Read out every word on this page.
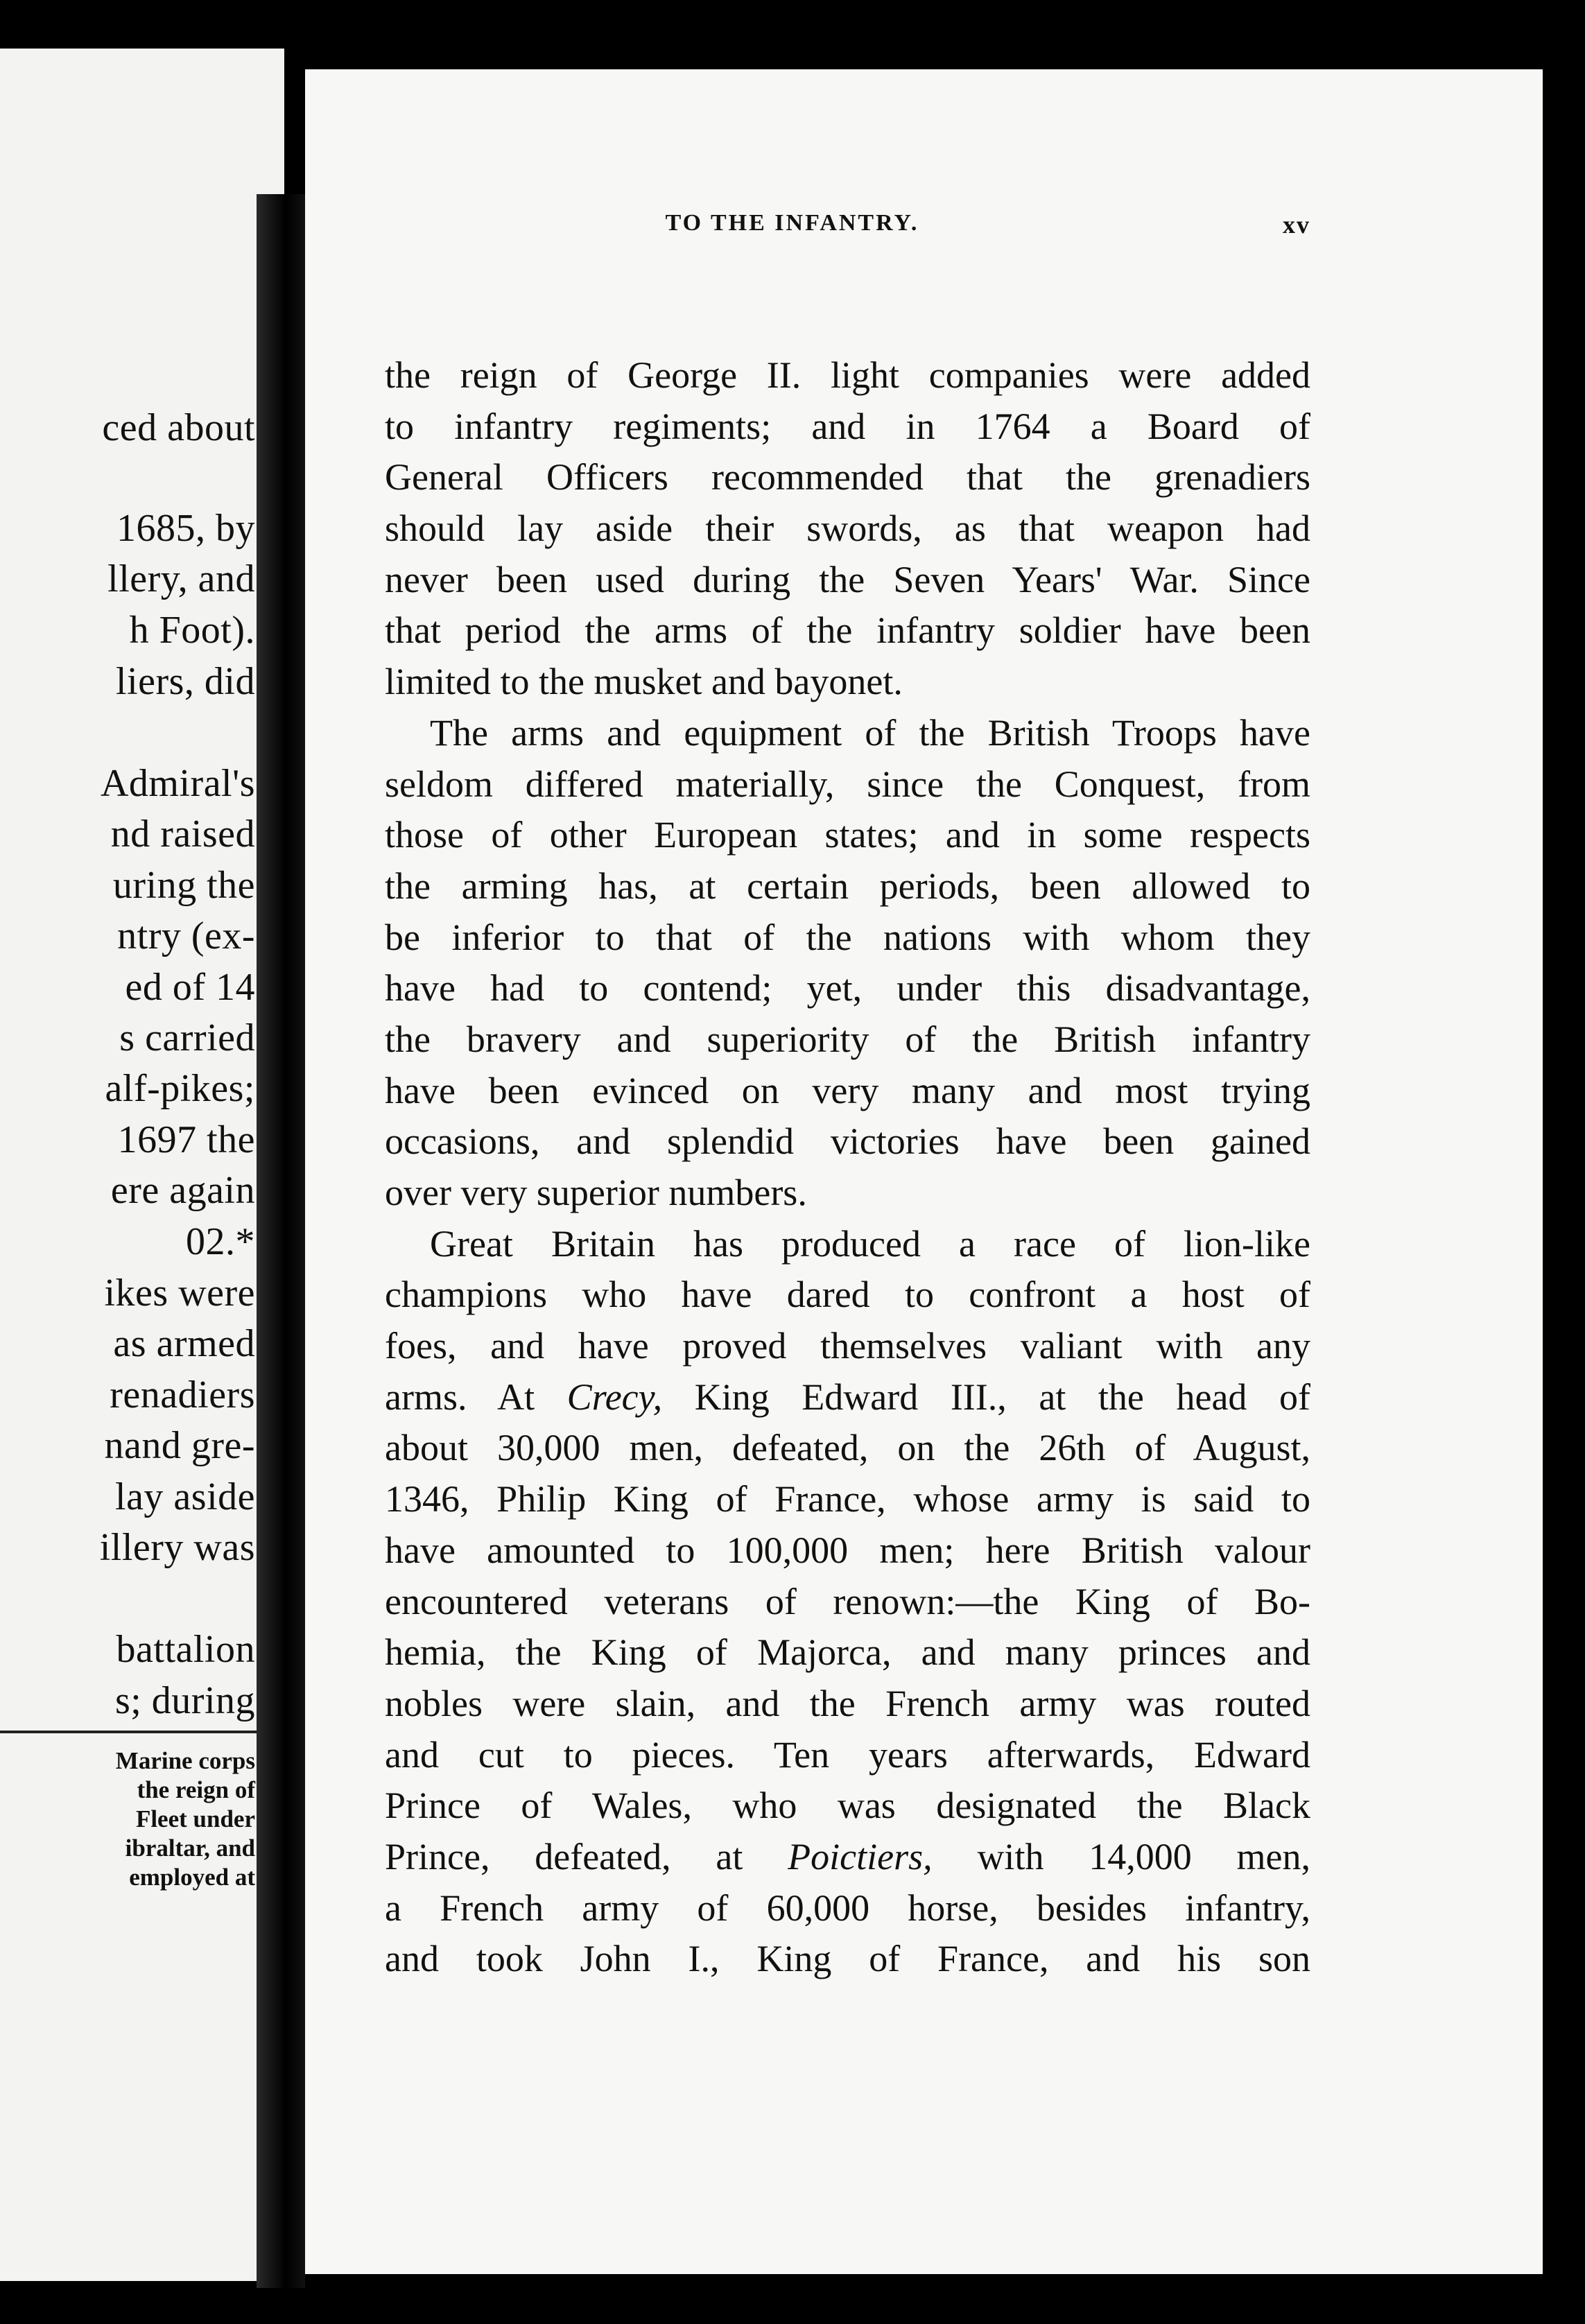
ced about
1685, by
llery, and
h Foot).
liers, did
Admiral's
nd raised
uring the
ntry (ex-
ed of 14
s carried
alf-pikes;
1697 the
ere again
02.*
ikes were
as armed
renadiers
nand gre-
lay aside
illery was
battalion
s; during
Marine corps
the reign of
Fleet under
ibraltar, and
employed at
TO THE INFANTRY.	xv
the reign of George II. light companies were added
to infantry regiments; and in 1764 a Board of
General Officers recommended that the grenadiers
should lay aside their swords, as that weapon had
never been used during the Seven Years' War. Since
that period the arms of the infantry soldier have been
limited to the musket and bayonet.
The arms and equipment of the British Troops have
seldom differed materially, since the Conquest, from
those of other European states; and in some respects
the arming has, at certain periods, been allowed to
be inferior to that of the nations with whom they
have had to contend; yet, under this disadvantage,
the bravery and superiority of the British infantry
have been evinced on very many and most trying
occasions, and splendid victories have been gained
over very superior numbers.
Great Britain has produced a race of lion-like
champions who have dared to confront a host of
foes, and have proved themselves valiant with any
arms. At Crecy, King Edward III., at the head of
about 30,000 men, defeated, on the 26th of August,
1346, Philip King of France, whose army is said to
have amounted to 100,000 men; here British valour
encountered veterans of renown:—the King of Bo-
hemia, the King of Majorca, and many princes and
nobles were slain, and the French army was routed
and cut to pieces. Ten years afterwards, Edward
Prince of Wales, who was designated the Black
Prince, defeated, at Poictiers, with 14,000 men,
a French army of 60,000 horse, besides infantry,
and took John I., King of France, and his son
